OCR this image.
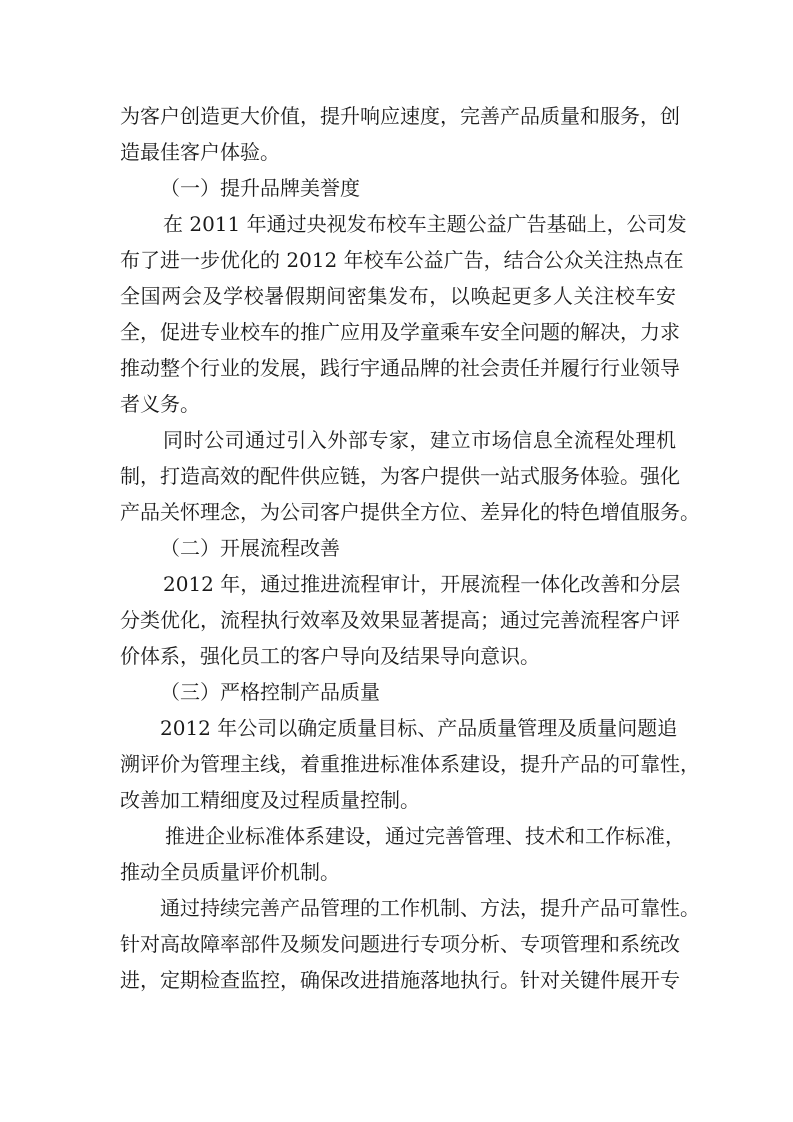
为客户创造更大价值，提升响应速度，完善产品质量和服务，创
造最佳客户体验。
（一）提升品牌美誉度
在 2011 年通过央视发布校车主题公益广告基础上，公司发
布了进一步优化的 2012 年校车公益广告，结合公众关注热点在
全国两会及学校暑假期间密集发布，以唤起更多人关注校车安
全，促进专业校车的推广应用及学童乘车安全问题的解决，力求
推动整个行业的发展，践行宇通品牌的社会责任并履行行业领导
者义务。
同时公司通过引入外部专家，建立市场信息全流程处理机
制，打造高效的配件供应链，为客户提供一站式服务体验。强化
产品关怀理念，为公司客户提供全方位、差异化的特色增值服务。
（二）开展流程改善
2012 年，通过推进流程审计，开展流程一体化改善和分层
分类优化，流程执行效率及效果显著提高；通过完善流程客户评
价体系，强化员工的客户导向及结果导向意识。
（三）严格控制产品质量
2012 年公司以确定质量目标、产品质量管理及质量问题追
溯评价为管理主线，着重推进标准体系建设，提升产品的可靠性，
改善加工精细度及过程质量控制。
推进企业标准体系建设，通过完善管理、技术和工作标准，
推动全员质量评价机制。
通过持续完善产品管理的工作机制、方法，提升产品可靠性。
针对高故障率部件及频发问题进行专项分析、专项管理和系统改
进，定期检查监控，确保改进措施落地执行。针对关键件展开专
